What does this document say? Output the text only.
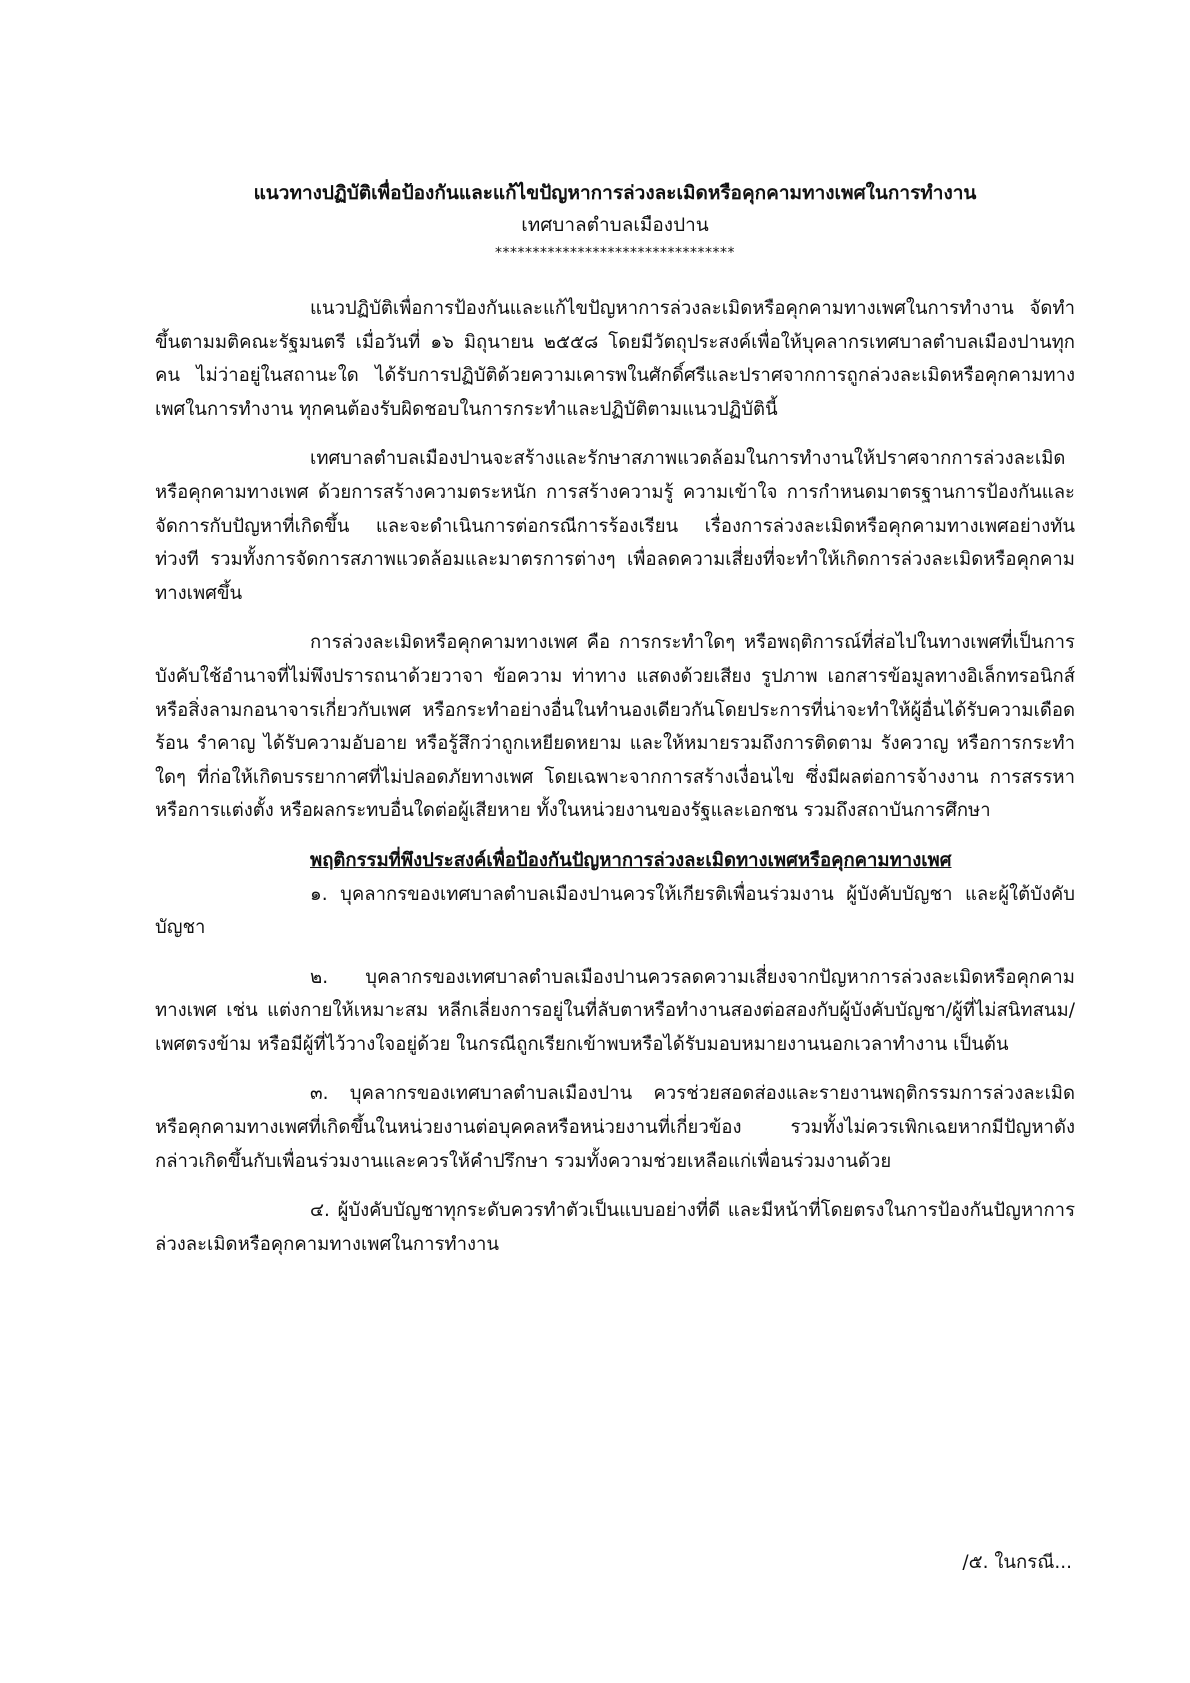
แนวทางปฏิบัติเพื่อป้องกันและแก้ไขปัญหาการล่วงละเมิดหรือคุกคามทางเพศในการทำงาน

เทศบาลตำบลเมืองปาน

********************************

แนวปฏิบัติเพื่อการป้องกันและแก้ไขปัญหาการล่วงละเมิดหรือคุกคามทางเพศในการทำงาน จัดทำขึ้นตามมติคณะรัฐมนตรี เมื่อวันที่ ๑๖ มิถุนายน ๒๕๕๘ โดยมีวัตถุประสงค์เพื่อให้บุคลากรเทศบาลตำบลเมืองปานทุกคน ไม่ว่าอยู่ในสถานะใด ได้รับการปฏิบัติด้วยความเคารพในศักดิ์ศรีและปราศจากการถูกล่วงละเมิดหรือคุกคามทางเพศในการทำงาน ทุกคนต้องรับผิดชอบในการกระทำและปฏิบัติตามแนวปฏิบัตินี้

เทศบาลตำบลเมืองปานจะสร้างและรักษาสภาพแวดล้อมในการทำงานให้ปราศจากการล่วงละเมิดหรือคุกคามทางเพศ ด้วยการสร้างความตระหนัก การสร้างความรู้ ความเข้าใจ การกำหนดมาตรฐานการป้องกันและจัดการกับปัญหาที่เกิดขึ้น และจะดำเนินการต่อกรณีการร้องเรียน เรื่องการล่วงละเมิดหรือคุกคามทางเพศอย่างทันท่วงที รวมทั้งการจัดการสภาพแวดล้อมและมาตรการต่างๆ เพื่อลดความเสี่ยงที่จะทำให้เกิดการล่วงละเมิดหรือคุกคามทางเพศขึ้น

การล่วงละเมิดหรือคุกคามทางเพศ คือ การกระทำใดๆ หรือพฤติการณ์ที่ส่อไปในทางเพศที่เป็นการบังคับใช้อำนาจที่ไม่พึงปรารถนาด้วยวาจา ข้อความ ท่าทาง แสดงด้วยเสียง รูปภาพ เอกสารข้อมูลทางอิเล็กทรอนิกส์หรือสิ่งลามกอนาจารเกี่ยวกับเพศ หรือกระทำอย่างอื่นในทำนองเดียวกันโดยประการที่น่าจะทำให้ผู้อื่นได้รับความเดือดร้อน รำคาญ ได้รับความอับอาย หรือรู้สึกว่าถูกเหยียดหยาม และให้หมายรวมถึงการติดตาม รังควาญ หรือการกระทำใดๆ ที่ก่อให้เกิดบรรยากาศที่ไม่ปลอดภัยทางเพศ โดยเฉพาะจากการสร้างเงื่อนไข ซึ่งมีผลต่อการจ้างงาน การสรรหา หรือการแต่งตั้ง หรือผลกระทบอื่นใดต่อผู้เสียหาย ทั้งในหน่วยงานของรัฐและเอกชน รวมถึงสถาบันการศึกษา

พฤติกรรมที่พึงประสงค์เพื่อป้องกันปัญหาการล่วงละเมิดทางเพศหรือคุกคามทางเพศ

๑. บุคลากรของเทศบาลตำบลเมืองปานควรให้เกียรติเพื่อนร่วมงาน ผู้บังคับบัญชา และผู้ใต้บังคับบัญชา

๒. บุคลากรของเทศบาลตำบลเมืองปานควรลดความเสี่ยงจากปัญหาการล่วงละเมิดหรือคุกคามทางเพศ เช่น แต่งกายให้เหมาะสม หลีกเลี่ยงการอยู่ในที่ลับตาหรือทำงานสองต่อสองกับผู้บังคับบัญชา/ผู้ที่ไม่สนิทสนม/เพศตรงข้าม หรือมีผู้ที่ไว้วางใจอยู่ด้วย ในกรณีถูกเรียกเข้าพบหรือได้รับมอบหมายงานนอกเวลาทำงาน เป็นต้น

๓. บุคลากรของเทศบาลตำบลเมืองปาน ควรช่วยสอดส่องและรายงานพฤติกรรมการล่วงละเมิดหรือคุกคามทางเพศที่เกิดขึ้นในหน่วยงานต่อบุคคลหรือหน่วยงานที่เกี่ยวข้อง รวมทั้งไม่ควรเพิกเฉยหากมีปัญหาดังกล่าวเกิดขึ้นกับเพื่อนร่วมงานและควรให้คำปรึกษา รวมทั้งความช่วยเหลือแก่เพื่อนร่วมงานด้วย

๔. ผู้บังคับบัญชาทุกระดับควรทำตัวเป็นแบบอย่างที่ดี และมีหน้าที่โดยตรงในการป้องกันปัญหาการล่วงละเมิดหรือคุกคามทางเพศในการทำงาน

/๕. ในกรณี...
